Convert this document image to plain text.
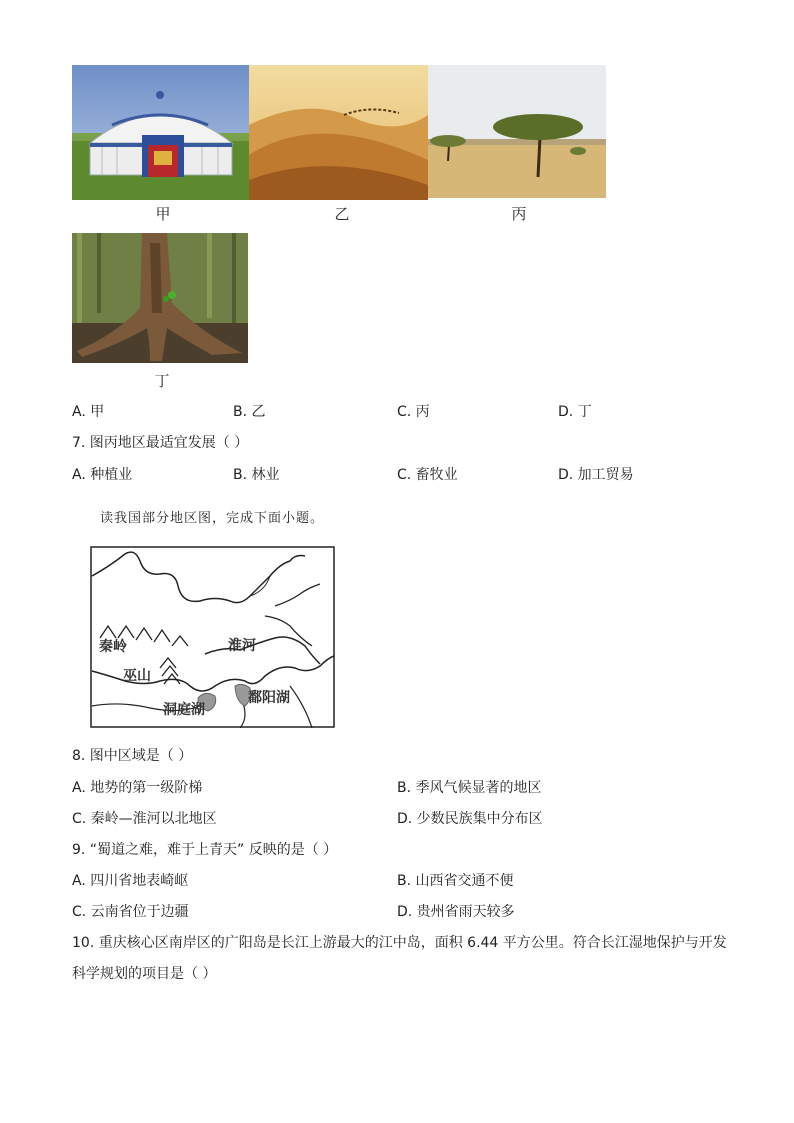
甲	乙	丙
丁
A. 甲	B. 乙	C. 丙	D. 丁
7. 图丙地区最适宜发展（ ）
A. 种植业	B. 林业	C. 畜牧业	D. 加工贸易
读我国部分地区图，完成下面小题。
秦岭	淮河
巫山
洞庭湖
鄱阳湖
8. 图中区域是（ ）
A. 地势的第一级阶梯	B. 季风气候显著的地区
C. 秦岭—淮河以北地区	D. 少数民族集中分布区
9. “蜀道之难，难于上青天” 反映的是（ ）
A. 四川省地表崎岖	B. 山西省交通不便
C. 云南省位于边疆	D. 贵州省雨天较多
10. 重庆核心区南岸区的广阳岛是长江上游最大的江中岛，面积 6.44 平方公里。符合长江湿地保护与开发
科学规划的项目是（ ）
